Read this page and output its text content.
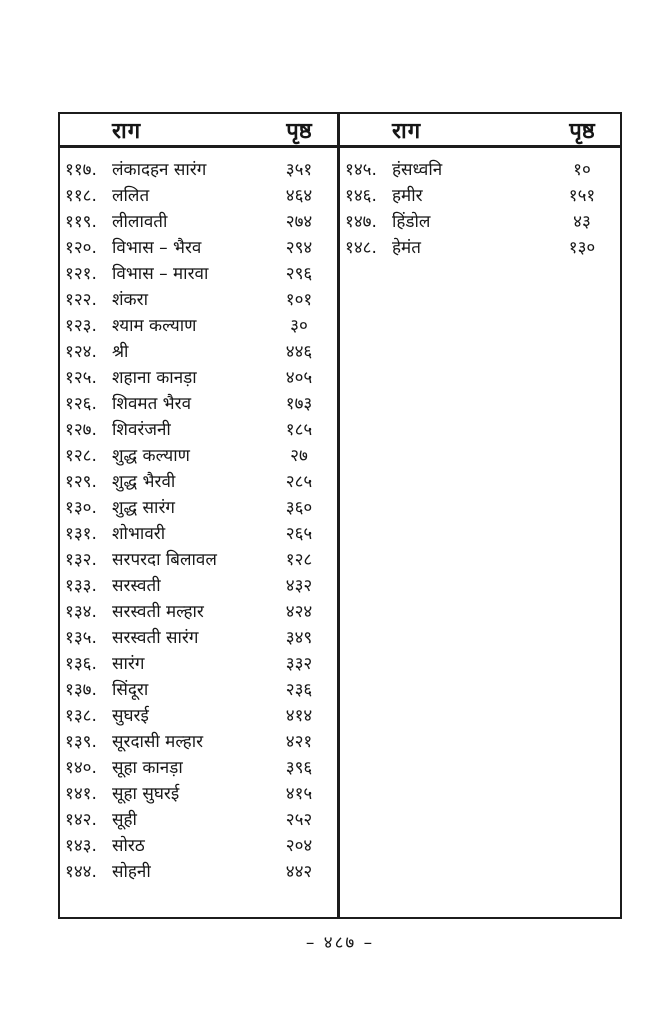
राग	पृष्ठ
११७. लंकादहन सारंग	३५१
११८. ललित	४६४
११९. लीलावती	२७४
१२०. विभास – भैरव	२९४
१२१. विभास – मारवा	२९६
१२२. शंकरा	१०१
१२३. श्याम कल्याण	३०
१२४. श्री	४४६
१२५. शहाना कानड़ा	४०५
१२६. शिवमत भैरव	१७३
१२७. शिवरंजनी	१८५
१२८. शुद्ध कल्याण	२७
१२९. शुद्ध भैरवी	२८५
१३०. शुद्ध सारंग	३६०
१३१. शोभावरी	२६५
१३२. सरपरदा बिलावल	१२८
१३३. सरस्वती	४३२
१३४. सरस्वती मल्हार	४२४
१३५. सरस्वती सारंग	३४९
१३६. सारंग	३३२
१३७. सिंदूरा	२३६
१३८. सुघरई	४१४
१३९. सूरदासी मल्हार	४२१
१४०. सूहा कानड़ा	३९६
१४१. सूहा सुघरई	४१५
१४२. सूही	२५२
१४३. सोरठ	२०४
१४४. सोहनी	४४२
राग	पृष्ठ
१४५. हंसध्वनि	१०
१४६. हमीर	१५१
१४७. हिंडोल	४३
१४८. हेमंत	१३०
– ४८७ –
